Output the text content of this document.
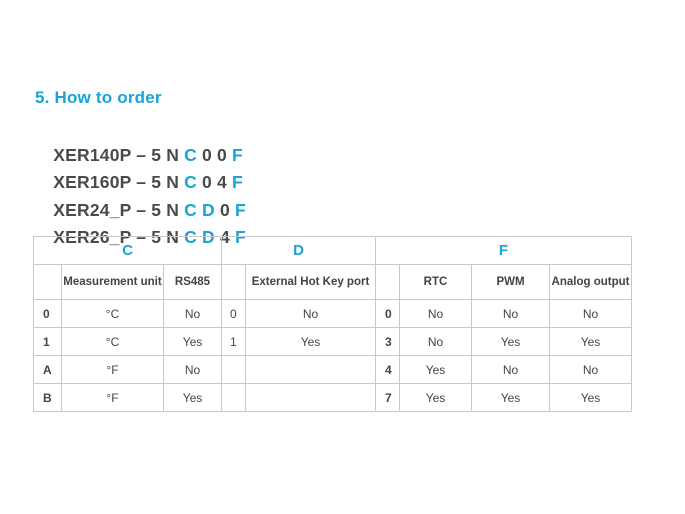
5. How to order

XER140P – 5 N C 0 0 F

XER160P – 5 N C 0 4 F

XER24_P – 5 N C D 0 F

XER26_P – 5 N C D 4 F

C			D		F			
	Measurement unit	RS485		External Hot Key port		RTC	PWM	Analog output
0	°C	No	0	No	0	No	No	No
1	°C	Yes	1	Yes	3	No	Yes	Yes
A	°F	No			4	Yes	No	No
B	°F	Yes			7	Yes	Yes	Yes
